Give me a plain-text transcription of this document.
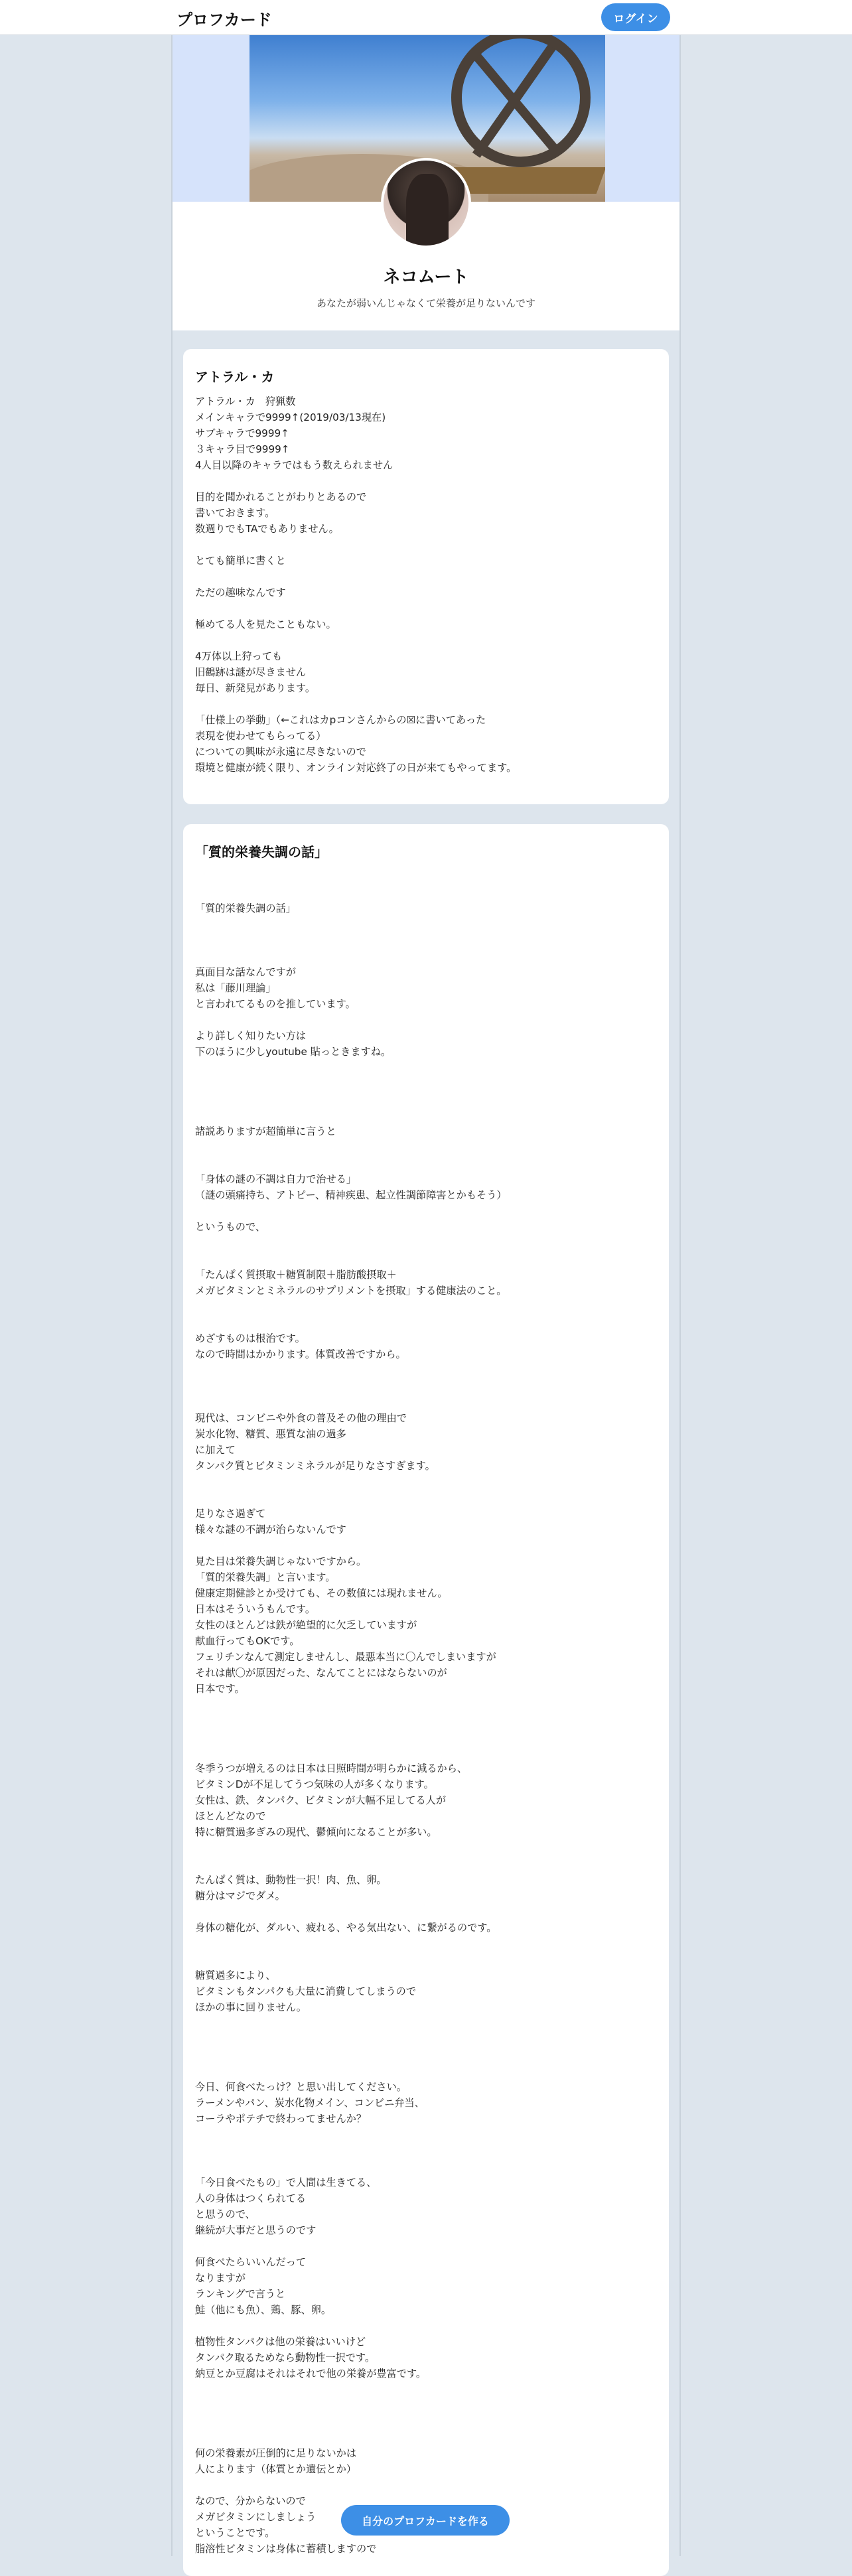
プロフカード	ログイン
ネコムート
あなたが弱いんじゃなくて栄養が足りないんです
アトラル・カ

アトラル・カ　狩猟数
メインキャラで9999↑(2019/03/13現在)
サブキャラで9999↑
３キャラ目で9999↑
4人目以降のキャラではもう数えられません

目的を聞かれることがわりとあるので
書いておきます。
数週りでもTAでもありません。

とても簡単に書くと

ただの趣味なんです

極めてる人を見たこともない。

4万体以上狩っても
旧鶴跡は謎が尽きません
毎日、新発見があります。

「仕様上の挙動」（←これはカpコンさんからの☒に書いてあった
表現を使わせてもらってる）
についての興味が永遠に尽きないので
環境と健康が続く限り、オンライン対応終了の日が来てもやってます。

「質的栄養失調の話」

「質的栄養失調の話」

真面目な話なんですが
私は「藤川理論」
と言われてるものを推しています。

より詳しく知りたい方は
下のほうに少しyoutube 貼っときますね。

諸説ありますが超簡単に言うと

「身体の謎の不調は自力で治せる」
（謎の頭痛持ち、アトピー、精神疾患、起立性調節障害とかもそう）

というもので、

「たんぱく質摂取＋糖質制限＋脂肪酸摂取＋
メガビタミンとミネラルのサプリメントを摂取」する健康法のこと。

めざすものは根治です。
なので時間はかかります。体質改善ですから。

現代は、コンビニや外食の普及その他の理由で
炭水化物、糖質、悪質な油の過多
に加えて
タンパク質とビタミンミネラルが足りなさすぎます。

足りなさ過ぎて
様々な謎の不調が治らないんです

見た目は栄養失調じゃないですから。
「質的栄養失調」と言います。
健康定期健診とか受けても、その数値には現れません。
日本はそういうもんです。
女性のほとんどは鉄が絶望的に欠乏していますが
献血行ってもOKです。
フェリチンなんて測定しませんし、最悪本当に〇んでしまいますが
それは献〇が原因だった、なんてことにはならないのが
日本です。

冬季うつが増えるのは日本は日照時間が明らかに減るから、
ビタミンDが不足してうつ気味の人が多くなります。
女性は、鉄、タンパク、ビタミンが大幅不足してる人が
ほとんどなので
特に糖質過多ぎみの現代、鬱傾向になることが多い。

たんぱく質は、動物性一択！肉、魚、卵。
糖分はマジでダメ。

身体の糖化が、ダルい、疲れる、やる気出ない、に繋がるのです。

糖質過多により、
ビタミンもタンパクも大量に消費してしまうので
ほかの事に回りません。

今日、何食べたっけ？と思い出してください。
ラーメンやパン、炭水化物メイン、コンビニ弁当、
コーラやポテチで終わってませんか？

「今日食べたもの」で人間は生きてる、
人の身体はつくられてる
と思うので、
継続が大事だと思うのです

何食べたらいいんだって
なりますが
ランキングで言うと
鮭（他にも魚）、鶏、豚、卵。

植物性タンパクは他の栄養はいいけど
タンパク取るためなら動物性一択です。
納豆とか豆腐はそれはそれで他の栄養が豊富です。

何の栄養素が圧倒的に足りないかは
人によります（体質とか遺伝とか）

なので、分からないので
メガビタミンにしましょう
ということです。
脂溶性ビタミンは身体に蓄積しますので

自分のプロフカードを作る
